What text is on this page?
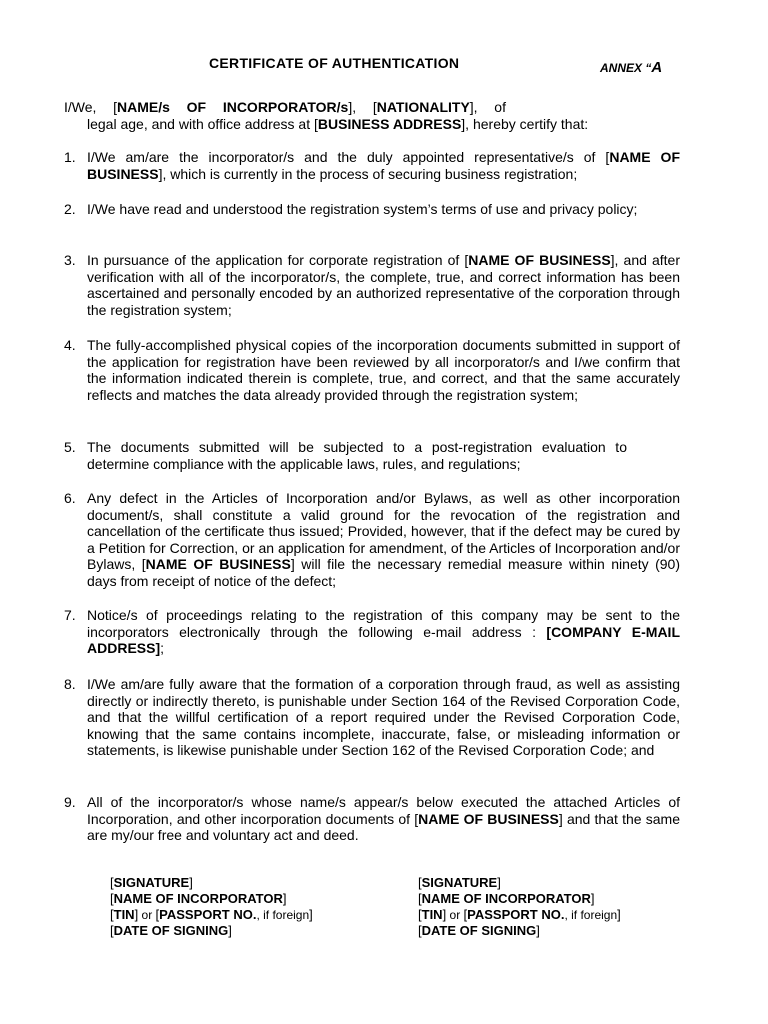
CERTIFICATE OF AUTHENTICATION	ANNEX “A
I/We, [NAME/s OF INCORPORATOR/s], [NATIONALITY], of
legal age, and with office address at [BUSINESS ADDRESS], hereby certify that:
1. I/We am/are the incorporator/s and the duly appointed representative/s of [NAME OF BUSINESS], which is currently in the process of securing business registration;
2. I/We have read and understood the registration system’s terms of use and privacy policy;
3. In pursuance of the application for corporate registration of [NAME OF BUSINESS], and after verification with all of the incorporator/s, the complete, true, and correct information has been ascertained and personally encoded by an authorized representative of the corporation through the registration system;
4. The fully-accomplished physical copies of the incorporation documents submitted in support of the application for registration have been reviewed by all incorporator/s and I/we confirm that the information indicated therein is complete, true, and correct, and that the same accurately reflects and matches the data already provided through the registration system;
5. The documents submitted will be subjected to a post-registration evaluation to determine compliance with the applicable laws, rules, and regulations;
6. Any defect in the Articles of Incorporation and/or Bylaws, as well as other incorporation document/s, shall constitute a valid ground for the revocation of the registration and cancellation of the certificate thus issued; Provided, however, that if the defect may be cured by a Petition for Correction, or an application for amendment, of the Articles of Incorporation and/or Bylaws, [NAME OF BUSINESS] will file the necessary remedial measure within ninety (90) days from receipt of notice of the defect;
7. Notice/s of proceedings relating to the registration of this company may be sent to the incorporators electronically through the following e-mail address : [COMPANY E-MAIL ADDRESS];
8. I/We am/are fully aware that the formation of a corporation through fraud, as well as assisting directly or indirectly thereto, is punishable under Section 164 of the Revised Corporation Code, and that the willful certification of a report required under the Revised Corporation Code, knowing that the same contains incomplete, inaccurate, false, or misleading information or statements, is likewise punishable under Section 162 of the Revised Corporation Code; and
9. All of the incorporator/s whose name/s appear/s below executed the attached Articles of Incorporation, and other incorporation documents of [NAME OF BUSINESS] and that the same are my/our free and voluntary act and deed.
[SIGNATURE]
[NAME OF INCORPORATOR]
[TIN] or [PASSPORT NO., if foreign]
[DATE OF SIGNING]
[SIGNATURE]
[NAME OF INCORPORATOR]
[TIN] or [PASSPORT NO., if foreign]
[DATE OF SIGNING]
